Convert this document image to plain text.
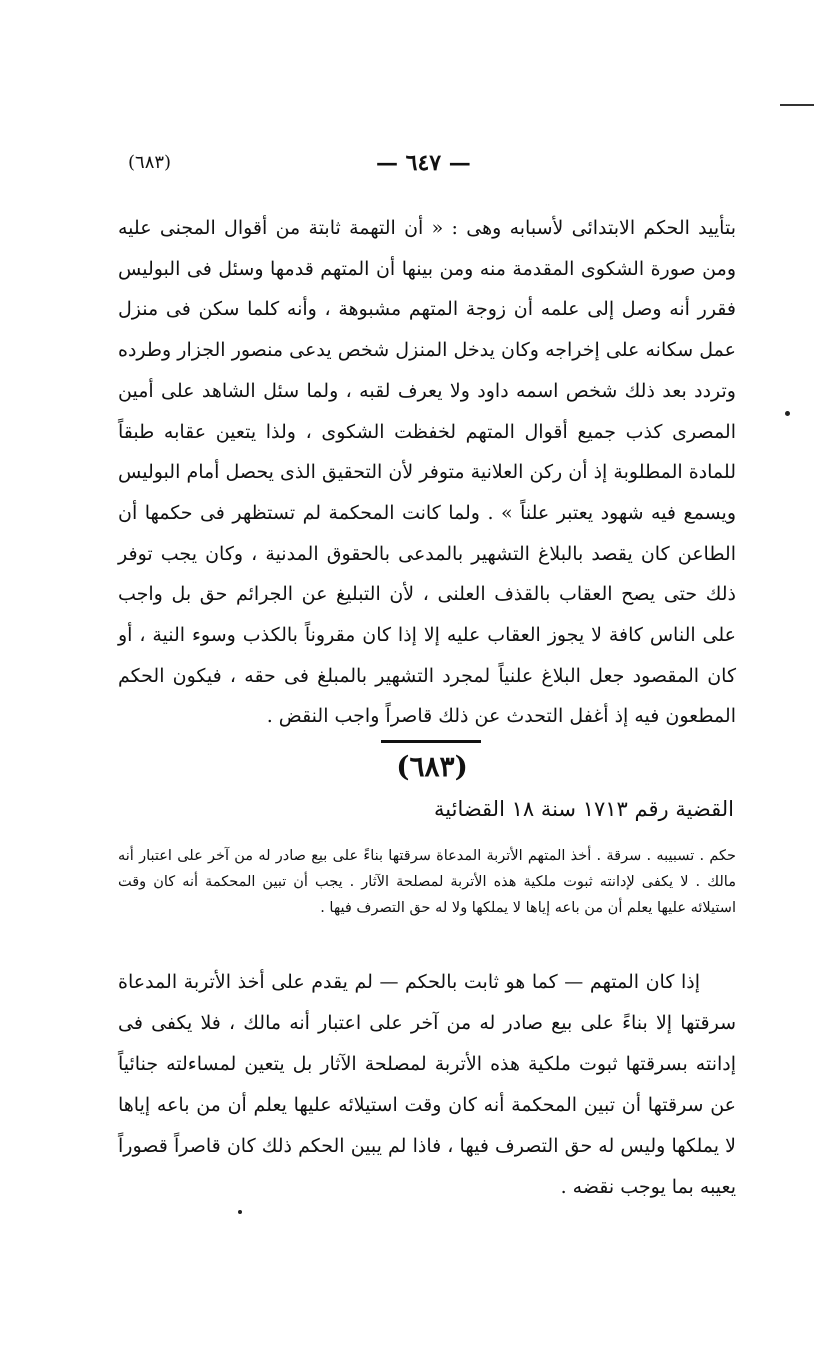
(٦٨٣)	— ٦٤٧ —
بتأييد الحكم الابتدائى لأسبابه وهى : « أن التهمة ثابتة من أقوال المجنى عليه ومن صورة الشكوى المقدمة منه ومن بينها أن المتهم قدمها وسئل فى البوليس فقرر أنه وصل إلى علمه أن زوجة المتهم مشبوهة ، وأنه كلما سكن فى منزل عمل سكانه على إخراجه وكان يدخل المنزل شخص يدعى منصور الجزار وطرده وتردد بعد ذلك شخص اسمه داود ولا يعرف لقبه ، ولما سئل الشاهد على أمين المصرى كذب جميع أقوال المتهم لخفظت الشكوى ، ولذا يتعين عقابه طبقاً للمادة المطلوبة إذ أن ركن العلانية متوفر لأن التحقيق الذى يحصل أمام البوليس ويسمع فيه شهود يعتبر علناً » . ولما كانت المحكمة لم تستظهر فى حكمها أن الطاعن كان يقصد بالبلاغ التشهير بالمدعى بالحقوق المدنية ، وكان يجب توفر ذلك حتى يصح العقاب بالقذف العلنى ، لأن التبليغ عن الجرائم حق بل واجب على الناس كافة لا يجوز العقاب عليه إلا إذا كان مقروناً بالكذب وسوء النية ، أو كان المقصود جعل البلاغ علنياً لمجرد التشهير بالمبلغ فى حقه ، فيكون الحكم المطعون فيه إذ أغفل التحدث عن ذلك قاصراً واجب النقض .
(٦٨٣)
القضية رقم ١٧١٣ سنة ١٨ القضائية
حكم . تسبيبه . سرقة . أخذ المتهم الأتربة المدعاة سرقتها بناءً على بيع صادر له من آخر على اعتبار أنه مالك . لا يكفى لإدانته ثبوت ملكية هذه الأتربة لمصلحة الآثار . يجب أن تبين المحكمة أنه كان وقت استيلائه عليها يعلم أن من باعه إياها لا يملكها ولا له حق التصرف فيها .
إذا كان المتهم — كما هو ثابت بالحكم — لم يقدم على أخذ الأتربة المدعاة سرقتها إلا بناءً على بيع صادر له من آخر على اعتبار أنه مالك ، فلا يكفى فى إدانته بسرقتها ثبوت ملكية هذه الأتربة لمصلحة الآثار بل يتعين لمساءلته جنائياً عن سرقتها أن تبين المحكمة أنه كان وقت استيلائه عليها يعلم أن من باعه إياها لا يملكها وليس له حق التصرف فيها ، فاذا لم يبين الحكم ذلك كان قاصراً قصوراً يعيبه بما يوجب نقضه .
